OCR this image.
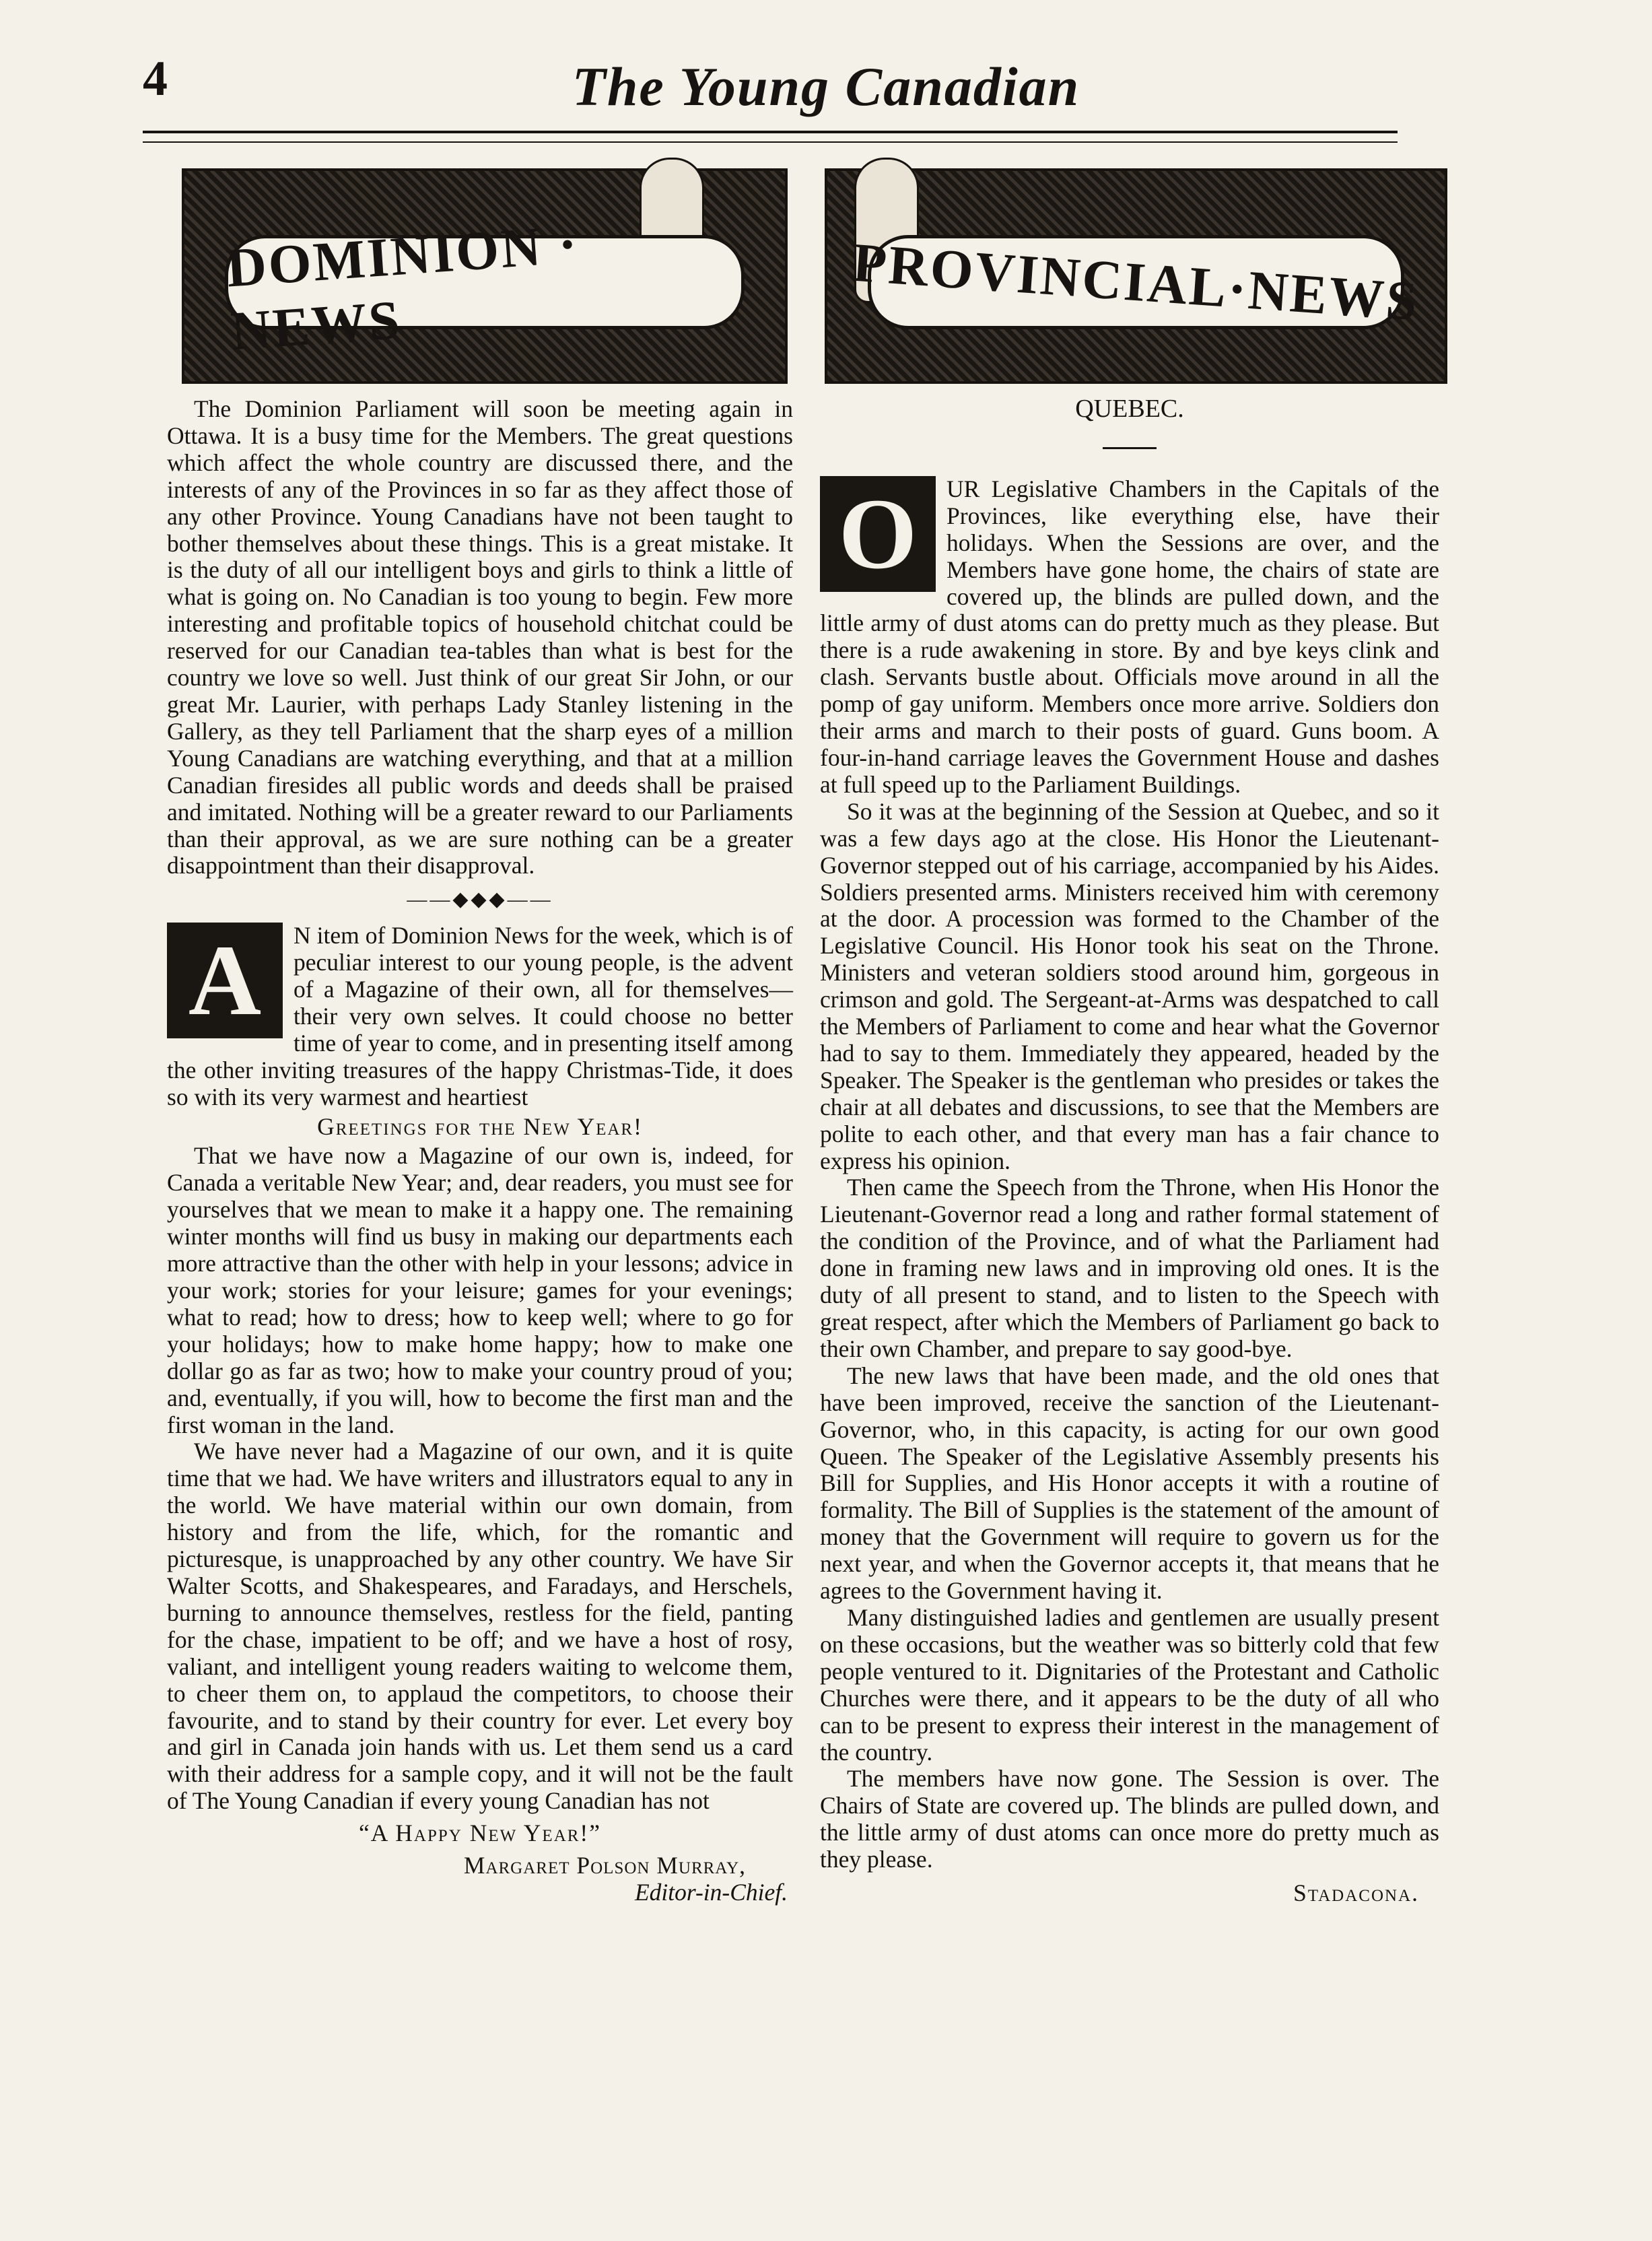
4	The Young Canadian
DOMINION · NEWS	PROVINCIAL·NEWS

The Dominion Parliament will soon be meeting again in Ottawa. It is a busy time for the Members. The great questions which affect the whole country are discussed there, and the interests of any of the Provinces in so far as they affect those of any other Province. Young Canadians have not been taught to bother themselves about these things. This is a great mistake. It is the duty of all our intelligent boys and girls to think a little of what is going on. No Canadian is too young to begin. Few more interesting and profitable topics of household chitchat could be reserved for our Canadian tea-tables than what is best for the country we love so well. Just think of our great Sir John, or our great Mr. Laurier, with perhaps Lady Stanley listening in the Gallery, as they tell Parliament that the sharp eyes of a million Young Canadians are watching everything, and that at a million Canadian firesides all public words and deeds shall be praised and imitated. Nothing will be a greater reward to our Parliaments than their approval, as we are sure nothing can be a greater disappointment than their disapproval.

——◆◆◆——
A	N item of Dominion News for the week, which is of peculiar interest to our young people, is the advent of a Magazine of their own, all for themselves—their very own selves. It could choose no better time of year to come, and in presenting itself among the other inviting treasures of the happy Christmas-Tide, it does so with its very warmest and heartiest

Greetings for the New Year!

That we have now a Magazine of our own is, indeed, for Canada a veritable New Year; and, dear readers, you must see for yourselves that we mean to make it a happy one. The remaining winter months will find us busy in making our departments each more attractive than the other with help in your lessons; advice in your work; stories for your leisure; games for your evenings; what to read; how to dress; how to keep well; where to go for your holidays; how to make home happy; how to make one dollar go as far as two; how to make your country proud of you; and, eventually, if you will, how to become the first man and the first woman in the land.

We have never had a Magazine of our own, and it is quite time that we had. We have writers and illustrators equal to any in the world. We have material within our own domain, from history and from the life, which, for the romantic and picturesque, is unapproached by any other country. We have Sir Walter Scotts, and Shakespeares, and Faradays, and Herschels, burning to announce themselves, restless for the field, panting for the chase, impatient to be off; and we have a host of rosy, valiant, and intelligent young readers waiting to welcome them, to cheer them on, to applaud the competitors, to choose their favourite, and to stand by their country for ever. Let every boy and girl in Canada join hands with us. Let them send us a card with their address for a sample copy, and it will not be the fault of The Young Canadian if every young Canadian has not

“A Happy New Year!”

Margaret Polson Murray,

Editor-in-Chief.

QUEBEC.

O	UR Legislative Chambers in the Capitals of the Provinces, like everything else, have their holidays. When the Sessions are over, and the Members have gone home, the chairs of state are covered up, the blinds are pulled down, and the little army of dust atoms can do pretty much as they please. But there is a rude awakening in store. By and bye keys clink and clash. Servants bustle about. Officials move around in all the pomp of gay uniform. Members once more arrive. Soldiers don their arms and march to their posts of guard. Guns boom. A four-in-hand carriage leaves the Government House and dashes at full speed up to the Parliament Buildings.

So it was at the beginning of the Session at Quebec, and so it was a few days ago at the close. His Honor the Lieutenant-Governor stepped out of his carriage, accompanied by his Aides. Soldiers presented arms. Ministers received him with ceremony at the door. A procession was formed to the Chamber of the Legislative Council. His Honor took his seat on the Throne. Ministers and veteran soldiers stood around him, gorgeous in crimson and gold. The Sergeant-at-Arms was despatched to call the Members of Parliament to come and hear what the Governor had to say to them. Immediately they appeared, headed by the Speaker. The Speaker is the gentleman who presides or takes the chair at all debates and discussions, to see that the Members are polite to each other, and that every man has a fair chance to express his opinion.

Then came the Speech from the Throne, when His Honor the Lieutenant-Governor read a long and rather formal statement of the condition of the Province, and of what the Parliament had done in framing new laws and in improving old ones. It is the duty of all present to stand, and to listen to the Speech with great respect, after which the Members of Parliament go back to their own Chamber, and prepare to say good-bye.

The new laws that have been made, and the old ones that have been improved, receive the sanction of the Lieutenant-Governor, who, in this capacity, is acting for our own good Queen. The Speaker of the Legislative Assembly presents his Bill for Supplies, and His Honor accepts it with a routine of formality. The Bill of Supplies is the statement of the amount of money that the Government will require to govern us for the next year, and when the Governor accepts it, that means that he agrees to the Government having it.

Many distinguished ladies and gentlemen are usually present on these occasions, but the weather was so bitterly cold that few people ventured to it. Dignitaries of the Protestant and Catholic Churches were there, and it appears to be the duty of all who can to be present to express their interest in the management of the country.

The members have now gone. The Session is over. The Chairs of State are covered up. The blinds are pulled down, and the little army of dust atoms can once more do pretty much as they please.

Stadacona.
